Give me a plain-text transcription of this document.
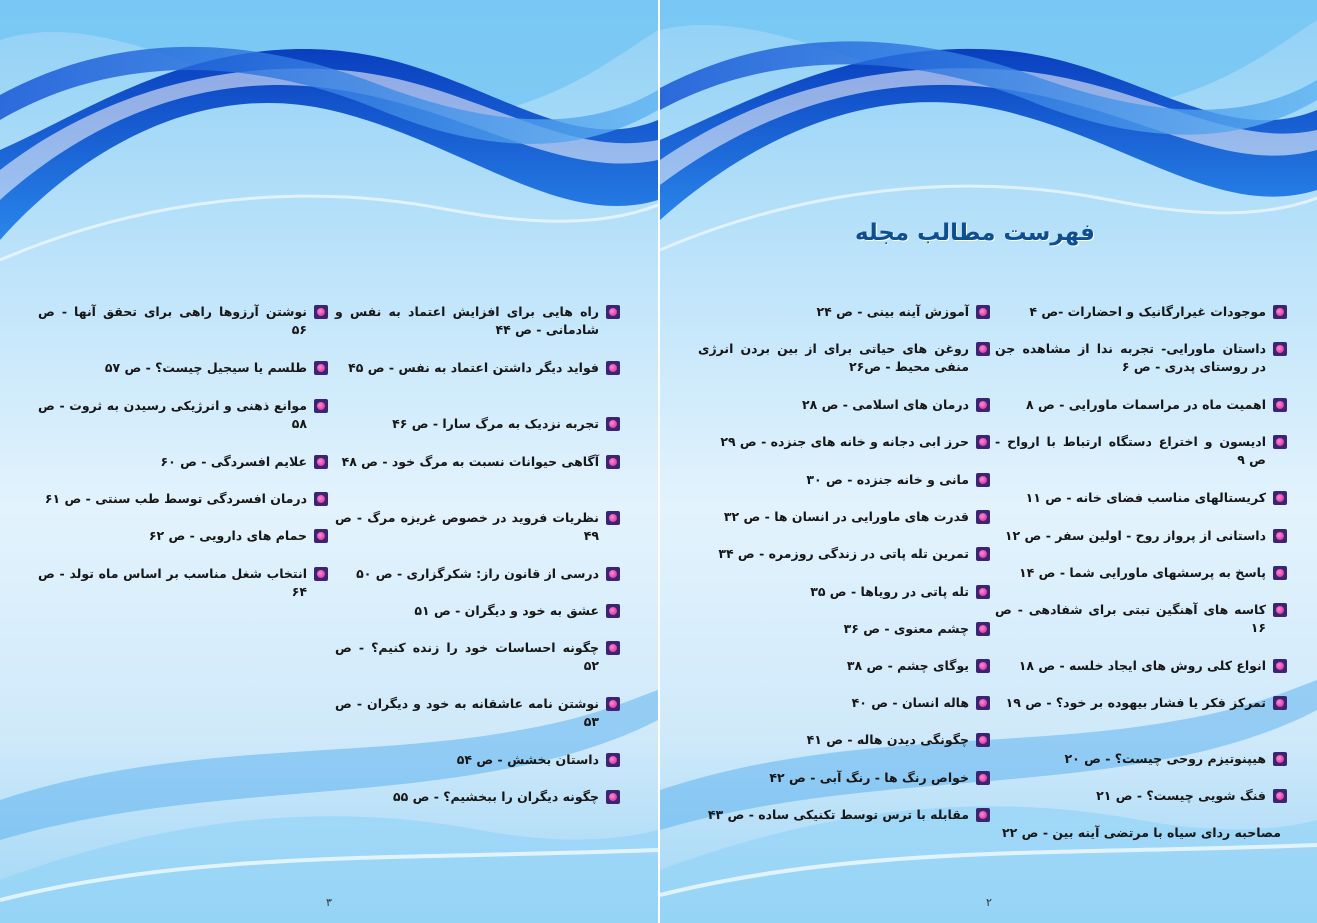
راه هایی برای افزایش اعتماد به نفس و شادمانی - ص ۴۴
فواید دیگر داشتن اعتماد به نفس - ص ۴۵
تجربه نزدیک به مرگ سارا - ص ۴۶
آگاهی حیوانات نسبت به مرگ خود - ص ۴۸
نظریات فروید در خصوص غریزه مرگ - ص ۴۹
درسی از قانون راز: شکرگزاری - ص ۵۰
عشق به خود و دیگران - ص ۵۱
چگونه احساسات خود را زنده کنیم؟ - ص ۵۲
نوشتن نامه عاشقانه به خود و دیگران - ص ۵۳
داستان بخشش - ص ۵۴
چگونه دیگران را ببخشیم؟ - ص ۵۵
نوشتن آرزوها راهی برای تحقق آنها - ص ۵۶
طلسم یا سیجیل چیست؟ - ص ۵۷
موانع ذهنی و انرژیکی رسیدن به ثروت - ص ۵۸
علایم افسردگی - ص ۶۰
درمان افسردگی توسط طب سنتی - ص ۶۱
حمام های دارویی - ص ۶۲
انتخاب شغل مناسب بر اساس ماه تولد - ص ۶۴
۳
فهرست مطالب مجله
موجودات غیرارگانیک و احضارات -ص ۴
داستان ماورایی- تجربه ندا از مشاهده جن در روستای پدری - ص ۶
اهمیت ماه در مراسمات ماورایی - ص ۸
ادیسون و اختراع دستگاه ارتباط با ارواح - ص ۹
کریستالهای مناسب فضای خانه - ص ۱۱
داستانی از پرواز روح - اولین سفر - ص ۱۲
پاسخ به پرسشهای ماورایی شما - ص ۱۴
کاسه های آهنگین تبتی برای شفادهی - ص ۱۶
انواع کلی روش های ایجاد خلسه - ص ۱۸
تمرکز فکر یا فشار بیهوده بر خود؟ - ص ۱۹
هیپنوتیزم روحی چیست؟ - ص ۲۰
فنگ شویی چیست؟ - ص ۲۱
مصاحبه ردای سیاه با مرتضی آینه بین - ص ۲۲
آموزش آینه بینی - ص ۲۴
روغن های حیاتی برای از بین بردن انرژی منفی محیط - ص۲۶
درمان های اسلامی - ص ۲۸
حرز ابی دجانه و خانه های جنزده - ص ۲۹
مانی و خانه جنزده - ص ۳۰
قدرت های ماورایی در انسان ها - ص ۳۲
تمرین تله پاتی در زندگی روزمره - ص ۳۴
تله پاتی در رویاها - ص ۳۵
چشم معنوی - ص ۳۶
یوگای چشم - ص ۳۸
هاله انسان - ص ۴۰
چگونگی دیدن هاله - ص ۴۱
خواص رنگ ها - رنگ آبی - ص ۴۲
مقابله با ترس توسط تکنیکی ساده - ص ۴۳
۲
